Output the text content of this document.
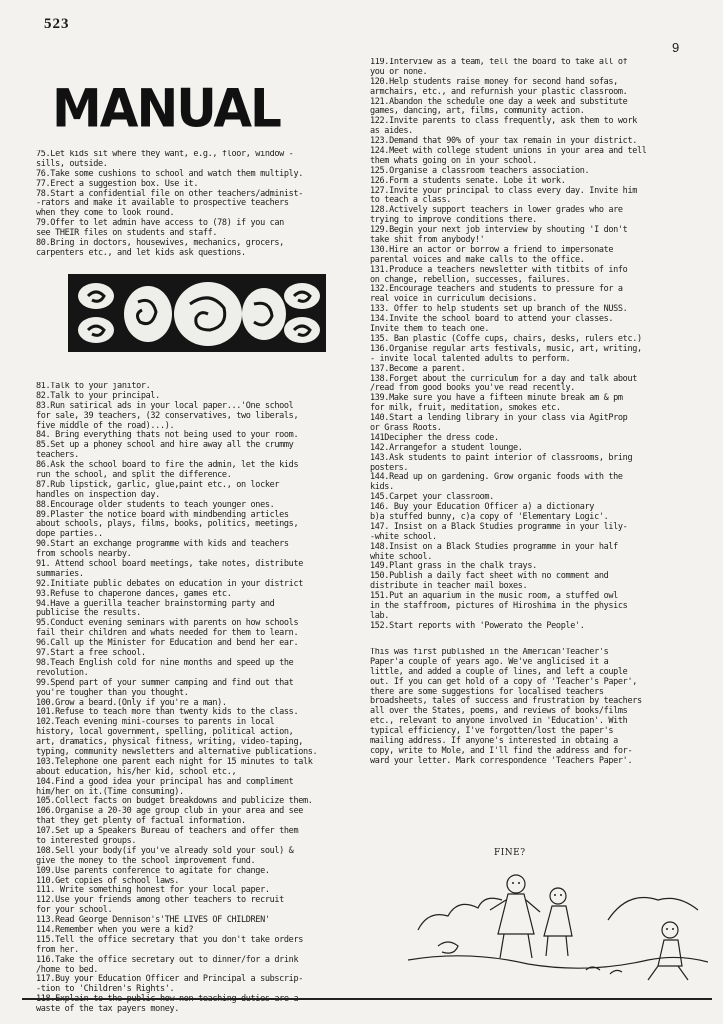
523
9
MANUAL
75.Let kids sit where they want, e.g., floor, window -
sills, outside.
76.Take some cushions to school and watch them multiply.
77.Erect a suggestion box. Use it.
78.Start a confidential file on other teachers/administ-
-rators and make it available to prospective teachers
when they come to look round.
79.Offer to let admin have access to (78) if you can
see THEIR files on students and staff.
80.Bring in doctors, housewives, mechanics, grocers,
carpenters etc., and let kids ask questions.
81.Talk to your janitor.
82.Talk to your principal.
83.Run satirical ads in your local paper...'One school
for sale, 39 teachers, (32 conservatives, two liberals,
five middle of the road)...).
84. Bring everything thats not being used to your room.
85.Set up a phoney school and hire away all the crummy
teachers.
86.Ask the school board to fire the admin, let the kids
run the school, and split the difference.
87.Rub lipstick, garlic, glue,paint etc., on locker
handles on inspection day.
88.Encourage older students to teach younger ones.
89.Plaster the notice board with mindbending articles
about schools, plays, films, books, politics, meetings,
dope parties..
90.Start an exchange programme with kids and teachers
from schools nearby.
91. Attend school board meetings, take notes, distribute
summaries.
92.Initiate public debates on education in your district
93.Refuse to chaperone dances, games etc.
94.Have a guerilla teacher brainstorming party and
publicise the results.
95.Conduct evening seminars with parents on how schools
fail their children and whats needed for them to learn.
96.Call up the Minister for Education and bend her ear.
97.Start a free school.
98.Teach English cold for nine months and speed up the
revolution.
99.Spend part of your summer camping and find out that
you're tougher than you thought.
100.Grow a beard.(Only if you're a man).
101.Refuse to teach more than twenty kids to the class.
102.Teach evening mini-courses to parents in local
history, local government, spelling, political action,
art, dramatics, physical fitness, writing, video-taping,
typing, community newsletters and alternative publications.
103.Telephone one parent each night for 15 minutes to talk
about education, his/her kid, school etc.,
104.Find a good idea your principal has and compliment
him/her on it.(Time consuming).
105.Collect facts on budget breakdowns and publicize them.
106.Organise a 20-30 age group club in your area and see
that they get plenty of factual information.
107.Set up a Speakers Bureau of teachers and offer them
to interested groups.
108.Sell your body(if you've already sold your soul) &
give the money to the school improvement fund.
109.Use parents conference to agitate for change.
110.Get copies of school laws.
111. Write something honest for your local paper.
112.Use your friends among other teachers to recruit
for your school.
113.Read George Dennison's'THE LIVES OF CHILDREN'
114.Remember when you were a kid?
115.Tell the office secretary that you don't take orders
from her.
116.Take the office secretary out to dinner/for a drink
/home to bed.
117.Buy your Education Officer and Principal a subscrip-
-tion to 'Children's Rights'.
waste of the tax payers money.
119.Interview as a team, tell the board to take all of
you or none.
120.Help students raise money for second hand sofas,
armchairs, etc., and refurnish your plastic classroom.
121.Abandon the schedule one day a week and substitute
games, dancing, art, films, community action.
122.Invite parents to class frequently, ask them to work
as aides.
123.Demand that 90% of your tax remain in your district.
124.Meet with college student unions in your area and tell
them whats going on in your school.
125.Organise a classroom teachers association.
126.Form a students senate. Lobe it work.
127.Invite your principal to class every day. Invite him
to teach a class.
128.Actively support teachers in lower grades who are
trying to improve conditions there.
129.Begin your next job interview by shouting 'I don't
take shit from anybody!'
130.Hire an actor or borrow a friend to impersonate
parental voices and make calls to the office.
131.Produce a teachers newsletter with titbits of info
on change, rebellion, successes, failures.
132.Encourage teachers and students to pressure for a
real voice in curriculum decisions.
133. Offer to help students set up branch of the NUSS.
134.Invite the school board to attend your classes.
Invite them to teach one.
135. Ban plastic (Coffe cups, chairs, desks, rulers etc.)
136.Organise regular arts festivals, music, art, writing,
- invite local talented adults to perform.
137.Become a parent.
138.Forget about the curriculum for a day and talk about
/read from good books you've read recently.
139.Make sure you have a fifteen minute break am & pm
for milk, fruit, meditation, smokes etc.
140.Start a lending library in your class via AgitProp
or Grass Roots.
141Decipher the dress code.
142.Arrangefor a student lounge.
143.Ask students to paint interior of classrooms, bring
posters.
144.Read up on gardening. Grow organic foods with the
kids.
145.Carpet your classroom.
146. Buy your Education Officer a) a dictionary
b)a stuffed bunny, c)a copy of 'Elementary Logic'.
147. Insist on a Black Studies programme in your lily-
-white school.
148.Insist on a Black Studies programme in your half
white school.
149.Plant grass in the chalk trays.
150.Publish a daily fact sheet with no comment and
distribute in teacher mail boxes.
151.Put an aquarium in the music room, a stuffed owl
in the staffroom, pictures of Hiroshima in the physics
lab.
152.Start reports with 'Powerato the People'.
This was first published in the American'Teacher's
Paper'a couple of years ago. We've anglicised it a
little, and added a couple of lines, and left a couple
out. If you can get hold of a copy of 'Teacher's Paper',
there are some suggestions for localised teachers
broadsheets, tales of success and frustration by teachers
all over the States, poems, and reviews of books/films
etc., relevant to anyone involved in 'Education'. With
typical efficiency, I've forgotten/lost the paper's
mailing address. If anyone's interested in obtaing a
copy, write to Mole, and I'll find the address and for-
ward your letter. Mark correspondence 'Teachers Paper'.
FINE?
